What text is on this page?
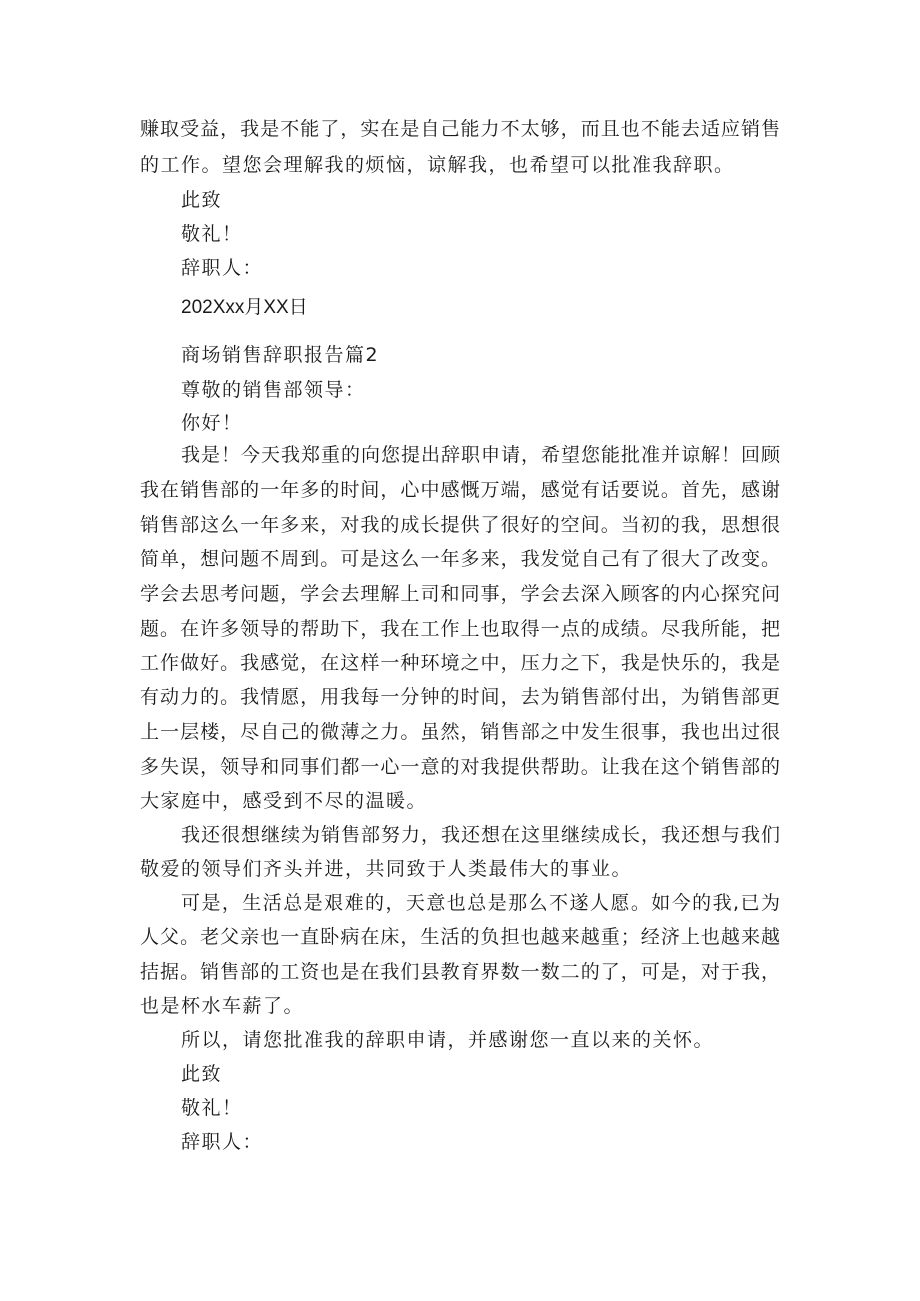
赚取受益，我是不能了，实在是自己能力不太够，而且也不能去适应销售
的工作。望您会理解我的烦恼，谅解我，也希望可以批准我辞职。
此致
敬礼！
辞职人：
202Xxx月XX日
商场销售辞职报告篇2
尊敬的销售部领导：
你好！
我是！今天我郑重的向您提出辞职申请，希望您能批准并谅解！回顾
我在销售部的一年多的时间，心中感慨万端，感觉有话要说。首先，感谢
销售部这么一年多来，对我的成长提供了很好的空间。当初的我，思想很
简单，想问题不周到。可是这么一年多来，我发觉自己有了很大了改变。
学会去思考问题，学会去理解上司和同事，学会去深入顾客的内心探究问
题。在许多领导的帮助下，我在工作上也取得一点的成绩。尽我所能，把
工作做好。我感觉，在这样一种环境之中，压力之下，我是快乐的，我是
有动力的。我情愿，用我每一分钟的时间，去为销售部付出，为销售部更
上一层楼，尽自己的微薄之力。虽然，销售部之中发生很事，我也出过很
多失误，领导和同事们都一心一意的对我提供帮助。让我在这个销售部的
大家庭中，感受到不尽的温暖。
我还很想继续为销售部努力，我还想在这里继续成长，我还想与我们
敬爱的领导们齐头并进，共同致于人类最伟大的事业。
可是，生活总是艰难的，天意也总是那么不遂人愿。如今的我,已为
人父。老父亲也一直卧病在床，生活的负担也越来越重；经济上也越来越
拮据。销售部的工资也是在我们县教育界数一数二的了，可是，对于我，
也是杯水车薪了。
所以，请您批准我的辞职申请，并感谢您一直以来的关怀。
此致
敬礼！
辞职人：
